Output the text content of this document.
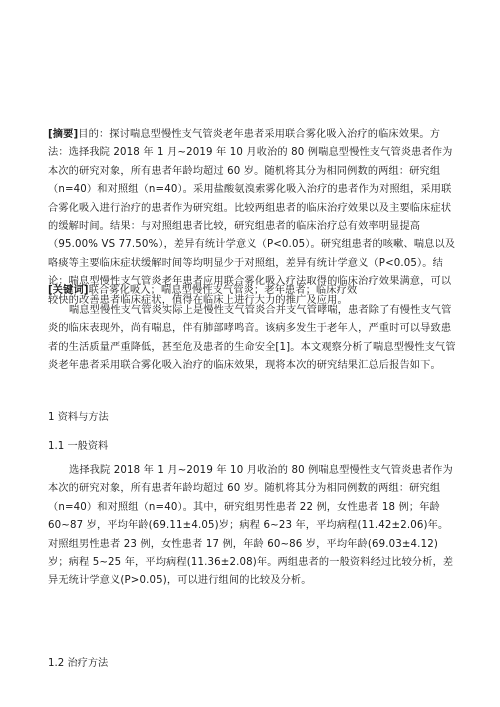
[摘要]目的：探讨喘息型慢性支气管炎老年患者采用联合雾化吸入治疗的临床效果。方法：选择我院 2018 年 1 月~2019 年 10 月收治的 80 例喘息型慢性支气管炎患者作为本次的研究对象，所有患者年龄均超过 60 岁。随机将其分为相同例数的两组：研究组（n=40）和对照组（n=40）。采用盐酸氨溴索雾化吸入治疗的患者作为对照组，采用联合雾化吸入进行治疗的患者作为研究组。比较两组患者的临床治疗效果以及主要临床症状的缓解时间。结果：与对照组患者比较，研究组患者的临床治疗总有效率明显提高（95.00% VS 77.50%），差异有统计学意义（P<0.05）。研究组患者的咳嗽、喘息以及咯痰等主要临床症状缓解时间等均明显少于对照组，差异有统计学意义（P<0.05）。结论：喘息型慢性支气管炎老年患者应用联合雾化吸入疗法取得的临床治疗效果满意，可以较快的改善患者临床症状，值得在临床上进行大力的推广及应用。

[关键词]联合雾化吸入；喘息型慢性支气管炎；老年患者；临床疗效

喘息型慢性支气管炎实际上是慢性支气管炎合并支气管哮喘，患者除了有慢性支气管炎的临床表现外，尚有喘息，伴有肺部哮鸣音。该病多发生于老年人，严重时可以导致患者的生活质量严重降低，甚至危及患者的生命安全[1]。本文观察分析了喘息型慢性支气管炎老年患者采用联合雾化吸入治疗的临床效果，现将本次的研究结果汇总后报告如下。

1 资料与方法

1.1 一般资料

选择我院 2018 年 1 月~2019 年 10 月收治的 80 例喘息型慢性支气管炎患者作为本次的研究对象，所有患者年龄均超过 60 岁。随机将其分为相同例数的两组：研究组（n=40）和对照组（n=40）。其中，研究组男性患者 22 例，女性患者 18 例；年龄 60~87 岁，平均年龄(69.11±4.05)岁；病程 6~23 年，平均病程(11.42±2.06)年。对照组男性患者 23 例，女性患者 17 例，年龄 60~86 岁，平均年龄(69.03±4.12)岁；病程 5~25 年，平均病程(11.36±2.08)年。两组患者的一般资料经过比较分析，差异无统计学意义(P>0.05)，可以进行组间的比较及分析。

1.2 治疗方法
